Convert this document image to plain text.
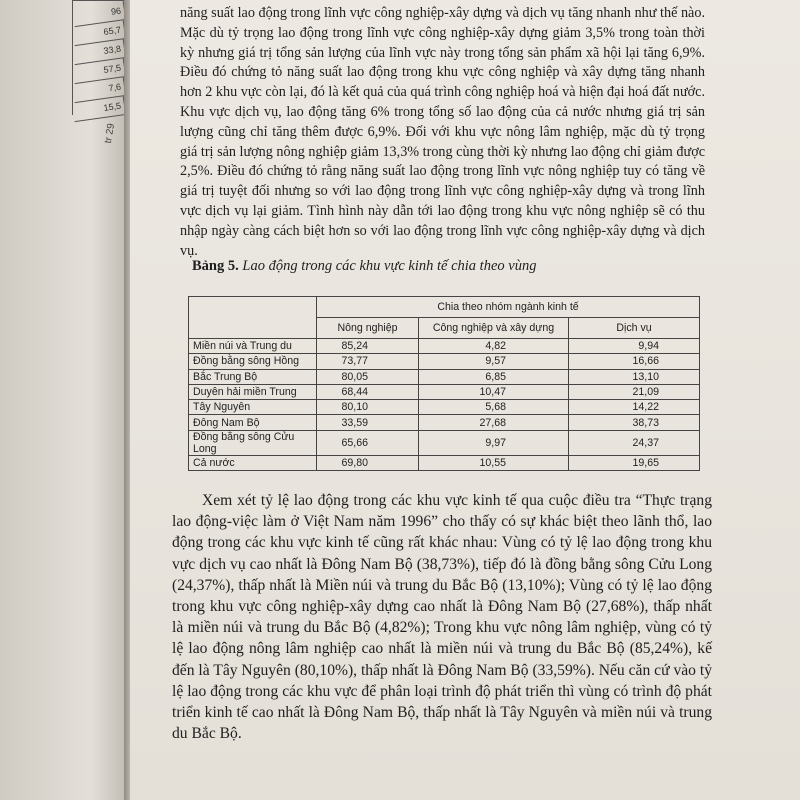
96
65,7
33,8
57,5
7,6
15,5
tr 29

năng suất lao động trong lĩnh vực công nghiệp-xây dựng và dịch vụ tăng nhanh như thế nào. Mặc dù tỷ trọng lao động trong lĩnh vực công nghiệp-xây dựng giảm 3,5% trong toàn thời kỳ nhưng giá trị tổng sản lượng của lĩnh vực này trong tổng sản phẩm xã hội lại tăng 6,9%. Điều đó chứng tỏ năng suất lao động trong khu vực công nghiệp và xây dựng tăng nhanh hơn 2 khu vực còn lại, đó là kết quả của quá trình công nghiệp hoá và hiện đại hoá đất nước. Khu vực dịch vụ, lao động tăng 6% trong tổng số lao động của cả nước nhưng giá trị sản lượng cũng chỉ tăng thêm được 6,9%. Đối với khu vực nông lâm nghiệp, mặc dù tỷ trọng giá trị sản lượng nông nghiệp giảm 13,3% trong cùng thời kỳ nhưng lao động chỉ giảm được 2,5%. Điều đó chứng tỏ rằng năng suất lao động trong lĩnh vực nông nghiệp tuy có tăng về giá trị tuyệt đối nhưng so với lao động trong lĩnh vực công nghiệp-xây dựng và trong lĩnh vực dịch vụ lại giảm. Tình hình này dẫn tới lao động trong khu vực nông nghiệp sẽ có thu nhập ngày càng cách biệt hơn so với lao động trong lĩnh vực công nghiệp-xây dựng và dịch vụ.

Bảng 5. Lao động trong các khu vực kinh tế chia theo vùng
	Chia theo nhóm ngành kinh tế		
	Nông nghiệp	Công nghiệp và xây dựng	Dịch vụ
Miền núi và Trung du	85,24	4,82	9,94
Đồng bằng sông Hồng	73,77	9,57	16,66
Bắc Trung Bộ	80,05	6,85	13,10
Duyên hải miền Trung	68,44	10,47	21,09
Tây Nguyên	80,10	5,68	14,22
Đông Nam Bộ	33,59	27,68	38,73
Đồng bằng sông Cửu Long	65,66	9,97	24,37
Cả nước	69,80	10,55	19,65

Xem xét tỷ lệ lao động trong các khu vực kinh tế qua cuộc điều tra “Thực trạng lao động-việc làm ở Việt Nam năm 1996” cho thấy có sự khác biệt theo lãnh thổ, lao động trong các khu vực kinh tế cũng rất khác nhau: Vùng có tỷ lệ lao động trong khu vực dịch vụ cao nhất là Đông Nam Bộ (38,73%), tiếp đó là đồng bằng sông Cửu Long (24,37%), thấp nhất là Miền núi và trung du Bắc Bộ (13,10%); Vùng có tỷ lệ lao động trong khu vực công nghiệp-xây dựng cao nhất là Đông Nam Bộ (27,68%), thấp nhất là miền núi và trung du Bắc Bộ (4,82%); Trong khu vực nông lâm nghiệp, vùng có tỷ lệ lao động nông lâm nghiệp cao nhất là miền núi và trung du Bắc Bộ (85,24%), kế đến là Tây Nguyên (80,10%), thấp nhất là Đông Nam Bộ (33,59%). Nếu căn cứ vào tỷ lệ lao động trong các khu vực để phân loại trình độ phát triển thì vùng có trình độ phát triển kinh tế cao nhất là Đông Nam Bộ, thấp nhất là Tây Nguyên và miền núi và trung du Bắc Bộ.
